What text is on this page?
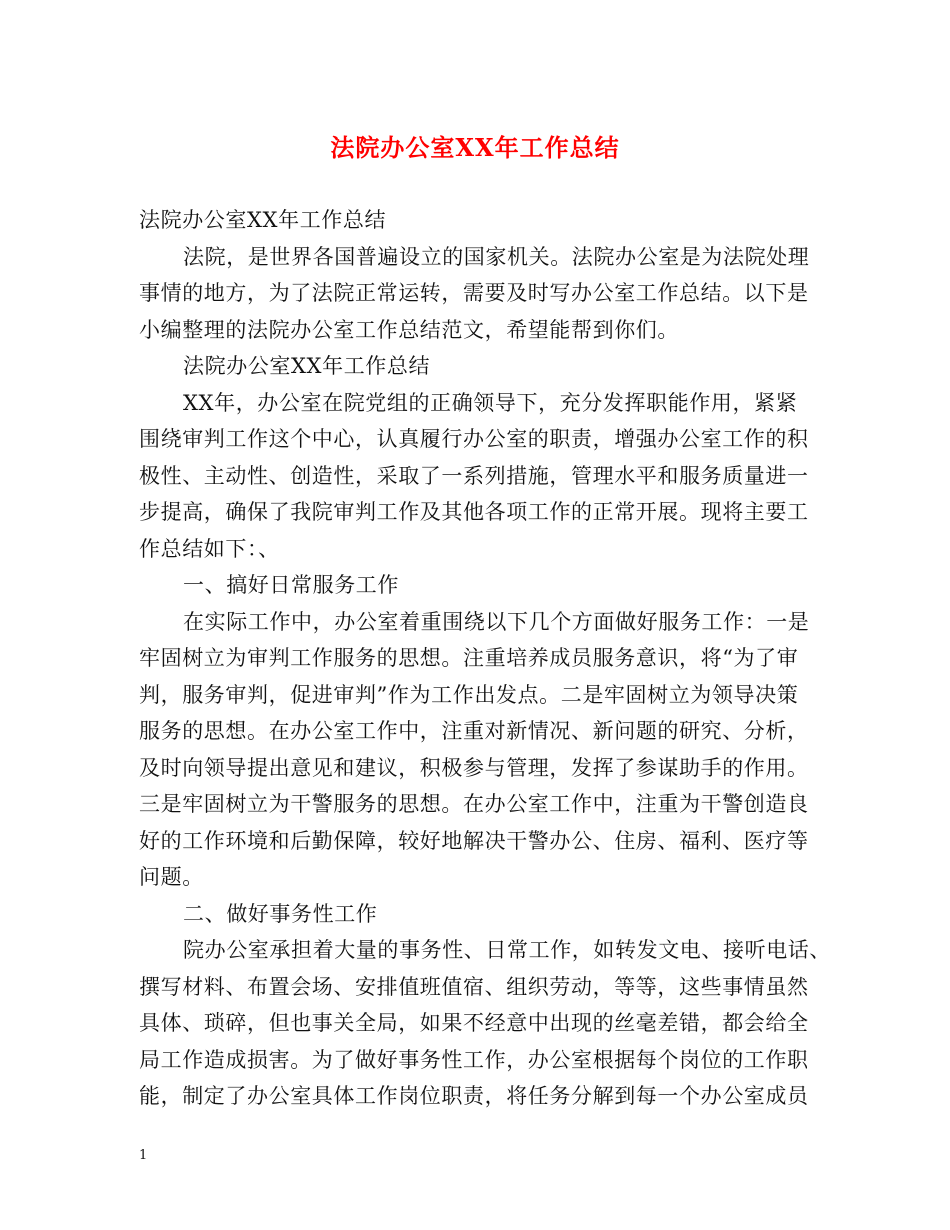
法院办公室XX年工作总结
法院办公室XX年工作总结
法院，是世界各国普遍设立的国家机关。法院办公室是为法院处理
事情的地方，为了法院正常运转，需要及时写办公室工作总结。以下是
小编整理的法院办公室工作总结范文，希望能帮到你们。
法院办公室XX年工作总结
XX年，办公室在院党组的正确领导下，充分发挥职能作用，紧紧
围绕审判工作这个中心，认真履行办公室的职责，增强办公室工作的积
极性、主动性、创造性，采取了一系列措施，管理水平和服务质量进一
步提高，确保了我院审判工作及其他各项工作的正常开展。现将主要工
作总结如下：、
一、搞好日常服务工作
在实际工作中，办公室着重围绕以下几个方面做好服务工作：一是
牢固树立为审判工作服务的思想。注重培养成员服务意识，将“为了审
判，服务审判，促进审判”作为工作出发点。二是牢固树立为领导决策
服务的思想。在办公室工作中，注重对新情况、新问题的研究、分析，
及时向领导提出意见和建议，积极参与管理，发挥了参谋助手的作用。
三是牢固树立为干警服务的思想。在办公室工作中，注重为干警创造良
好的工作环境和后勤保障，较好地解决干警办公、住房、福利、医疗等
问题。
二、做好事务性工作
院办公室承担着大量的事务性、日常工作，如转发文电、接听电话、
撰写材料、布置会场、安排值班值宿、组织劳动，等等，这些事情虽然
具体、琐碎，但也事关全局，如果不经意中出现的丝毫差错，都会给全
局工作造成损害。为了做好事务性工作，办公室根据每个岗位的工作职
能，制定了办公室具体工作岗位职责，将任务分解到每一个办公室成员
1
